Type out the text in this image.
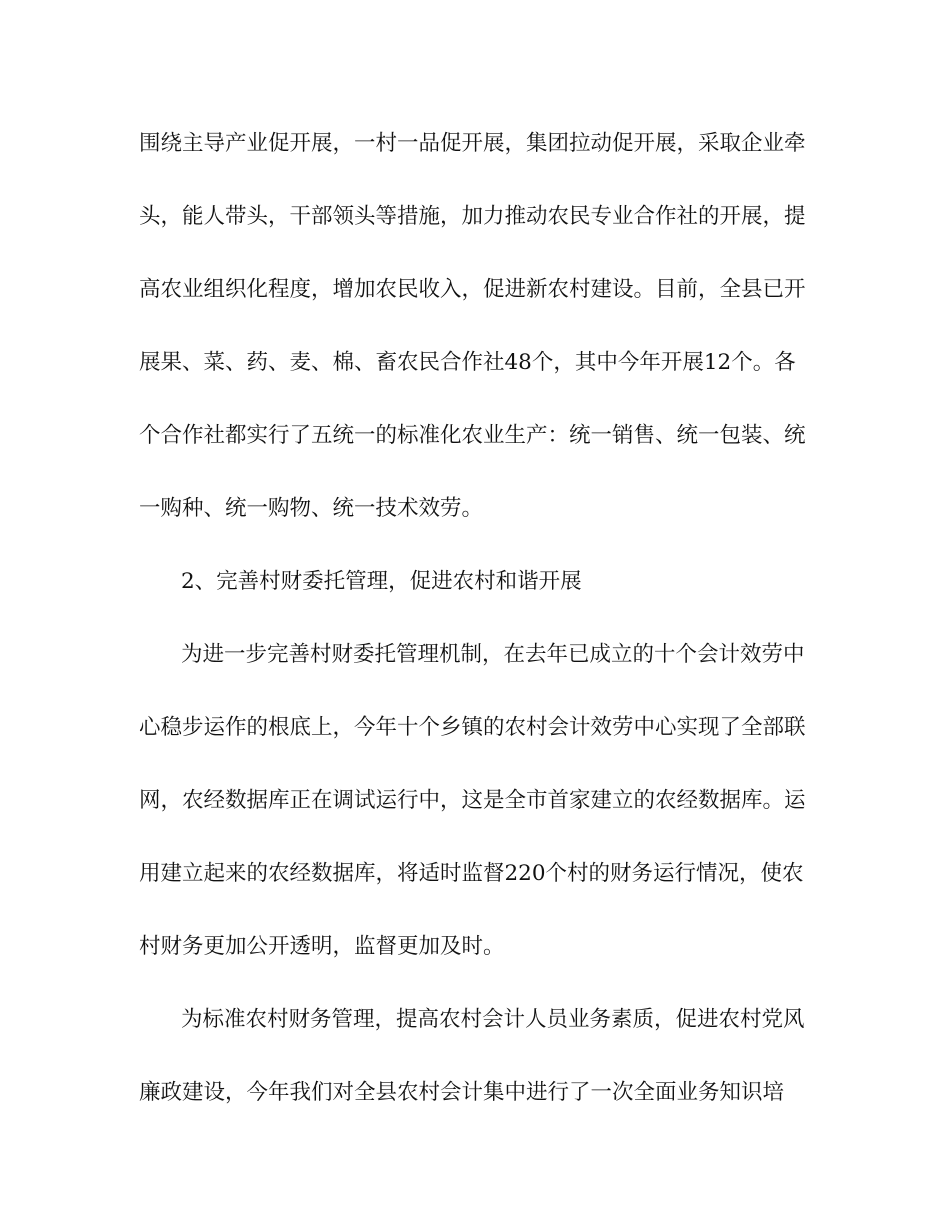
围绕主导产业促开展，一村一品促开展，集团拉动促开展，采取企业牵
头，能人带头，干部领头等措施，加力推动农民专业合作社的开展，提
高农业组织化程度，增加农民收入，促进新农村建设。目前，全县已开
展果、菜、药、麦、棉、畜农民合作社48个，其中今年开展12个。各
个合作社都实行了五统一的标准化农业生产：统一销售、统一包装、统
一购种、统一购物、统一技术效劳。
2、完善村财委托管理，促进农村和谐开展
为进一步完善村财委托管理机制，在去年已成立的十个会计效劳中
心稳步运作的根底上，今年十个乡镇的农村会计效劳中心实现了全部联
网，农经数据库正在调试运行中，这是全市首家建立的农经数据库。运
用建立起来的农经数据库，将适时监督220个村的财务运行情况，使农
村财务更加公开透明，监督更加及时。
为标准农村财务管理，提高农村会计人员业务素质，促进农村党风
廉政建设，今年我们对全县农村会计集中进行了一次全面业务知识培
